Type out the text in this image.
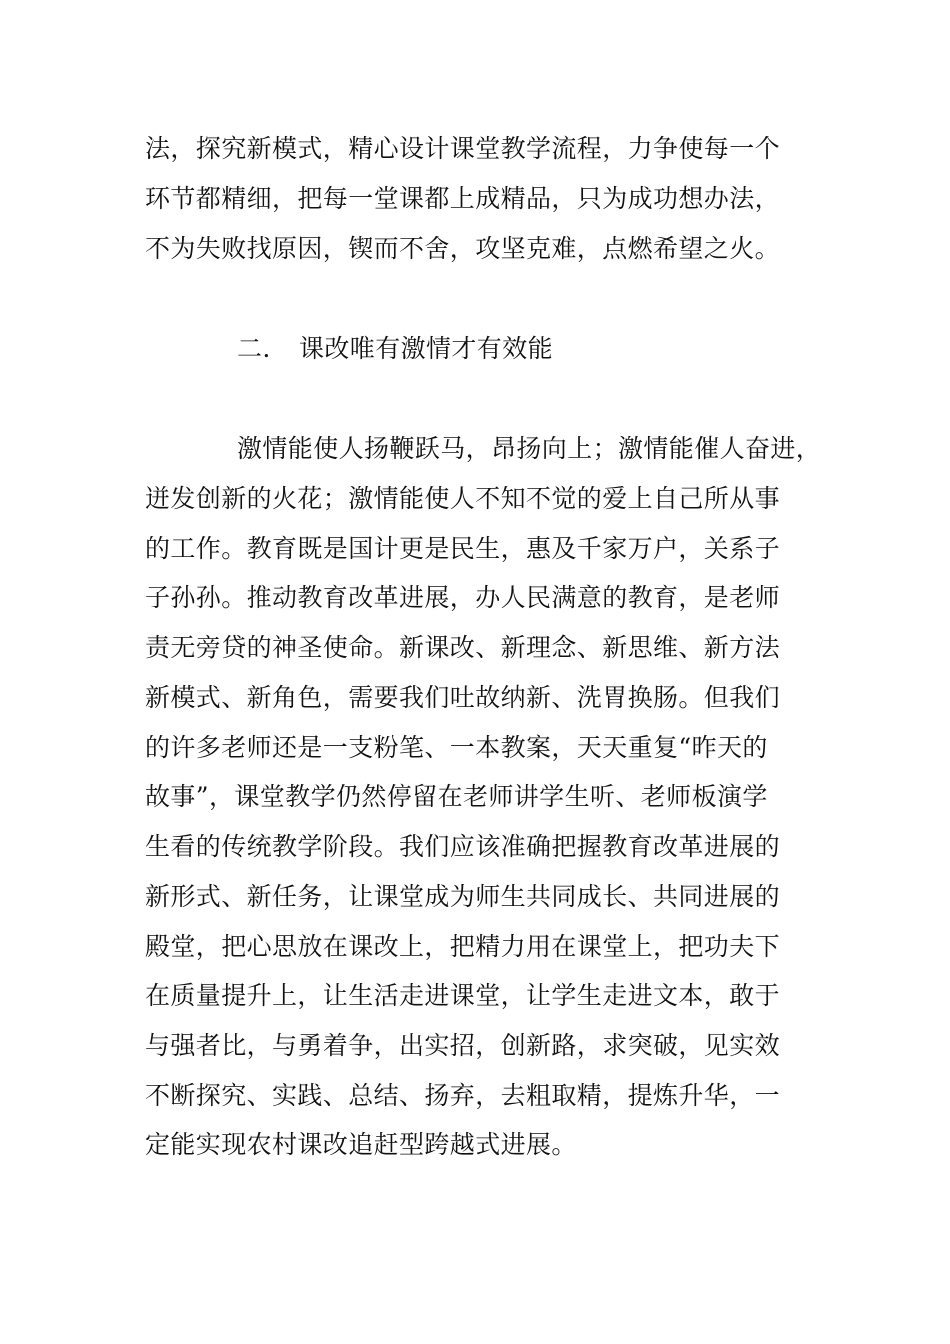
法，探究新模式，精心设计课堂教学流程，力争使每一个
环节都精细，把每一堂课都上成精品，只为成功想办法，
不为失败找原因，锲而不舍，攻坚克难，点燃希望之火。
二. 课改唯有激情才有效能
激情能使人扬鞭跃马，昂扬向上；激情能催人奋进，
迸发创新的火花；激情能使人不知不觉的爱上自己所从事
的工作。教育既是国计更是民生，惠及千家万户，关系子
子孙孙。推动教育改革进展，办人民满意的教育，是老师
责无旁贷的神圣使命。新课改、新理念、新思维、新方法
新模式、新角色，需要我们吐故纳新、洗胃换肠。但我们
的许多老师还是一支粉笔、一本教案，天天重复“昨天的
故事”，课堂教学仍然停留在老师讲学生听、老师板演学
生看的传统教学阶段。我们应该准确把握教育改革进展的
新形式、新任务，让课堂成为师生共同成长、共同进展的
殿堂，把心思放在课改上，把精力用在课堂上，把功夫下
在质量提升上，让生活走进课堂，让学生走进文本，敢于
与强者比，与勇着争，出实招，创新路，求突破，见实效
不断探究、实践、总结、扬弃，去粗取精，提炼升华，一
定能实现农村课改追赶型跨越式进展。
